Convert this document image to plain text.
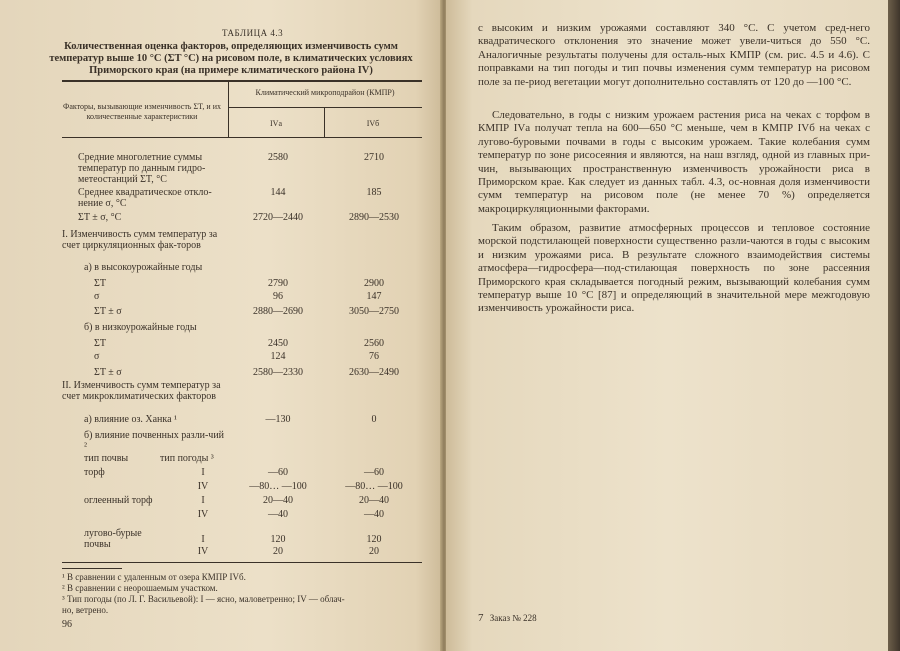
ТАБЛИЦА 4.3
Количественная оценка факторов, определяющих изменчивость сумм температур выше 10 °С (ΣT °С) на рисовом поле, в климатических условиях Приморского края (на примере климатического района IV)
Факторы, вызывающие изменчивость ΣT, и их количественные характеристики
Климатический микроподрайон (КМПР)
IVа	IVб
Средние многолетние суммы температур по данным гидро-метеостанций ΣT, °С
2580	2710
Среднее квадратическое откло-нение σ, °С
144	185
ΣT ± σ, °С	2720—2440	2890—2530
I. Изменчивость сумм температур за счет циркуляционных фак-торов
а) в высокоурожайные годы
ΣT	2790	2900
σ	96	147
ΣT ± σ	2880—2690	3050—2750
б) в низкоурожайные годы
ΣT	2450	2560
σ	124	76
ΣT ± σ	2580—2330	2630—2490
II. Изменчивость сумм температур за счет микроклиматических факторов
а) влияние оз. Ханка ¹	—130	0
б) влияние почвенных разли-чий ²
тип почвы	тип погоды ³
торф	I	—60	—60
IV	—80… —100	—80… —100
оглеенный торф	I	20—40	20—40
IV	—40	—40
лугово-бурые почвы	I	120	120
IV	20	20
¹ В сравнении с удаленным от озера КМПР IVб.
² В сравнении с неорошаемым участком.
³ Тип погоды (по Л. Г. Васильевой): I — ясно, маловетренно; IV — облач-
но, ветрено.
96
с высоким и низким урожаями составляют 340 °С. С учетом сред-него квадратического отклонения это значение может увели-читься до 550 °С. Аналогичные результаты получены для осталь-ных КМПР (см. рис. 4.5 и 4.6). С поправками на тип погоды и тип почвы изменения сумм температур на рисовом поле за пе-риод вегетации могут дополнительно составлять от 120 до —100 °С.
Следовательно, в годы с низким урожаем растения риса на чеках с торфом в КМПР IVа получат тепла на 600—650 °С меньше, чем в КМПР IVб на чеках с лугово-буровыми почвами в годы с высоким урожаем. Такие колебания сумм температур по зоне рисосеяния и являются, на наш взгляд, одной из главных при-чин, вызывающих пространственную изменчивость урожайности риса в Приморском крае. Как следует из данных табл. 4.3, ос-новная доля изменчивости сумм температур на рисовом поле (не менее 70 %) определяется макроциркуляционными факторами.
Таким образом, развитие атмосферных процессов и тепловое состояние морской подстилающей поверхности существенно разли-чаются в годы с высоким и низким урожаями риса. В результате сложного взаимодействия системы атмосфера—гидросфера—под-стилающая поверхность по зоне рассеяния Приморского края складывается погодный режим, вызывающий колебания сумм температур выше 10 °С [87] и определяющий в значительной мере межгодовую изменчивость урожайности риса.
7 Заказ № 228
